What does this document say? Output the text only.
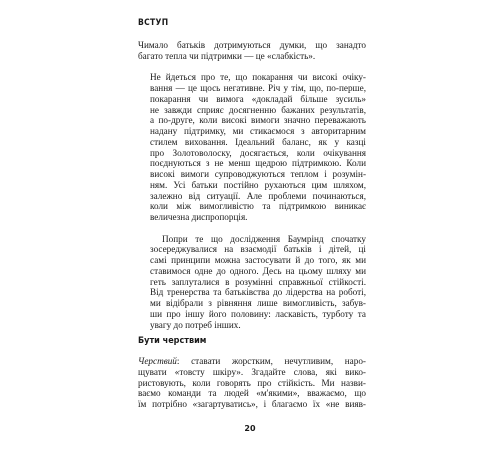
ВСТУП

Чимало батьків дотримуються думки, що занадто
багато тепла чи підтримки — це «слабкість».

Не йдеться про те, що покарання чи високі очіку-
вання — це щось негативне. Річ у тім, що, по-перше,
покарання чи вимога «докладай більше зусиль»
не завжди сприяє досягненню бажаних результатів,
а по-друге, коли високі вимоги значно переважають
надану підтримку, ми стикаємося з авторитарним
стилем виховання. Ідеальний баланс, як у казці
про Золотоволоску, досягається, коли очікування
поєднуються з не менш щедрою підтримкою. Коли
високі вимоги супроводжуються теплом і розумін-
ням. Усі батьки постійно рухаються цим шляхом,
залежно від ситуації. Але проблеми починаються,
коли між вимогливістю та підтримкою виникає
величезна диспропорція.

Попри те що дослідження Баумрінд спочатку
зосереджувалися на взаємодії батьків і дітей, ці
самі принципи можна застосувати й до того, як ми
ставимося одне до одного. Десь на цьому шляху ми
геть заплуталися в розумінні справжньої стійкості.
Від тренерства та батьківства до лідерства на роботі,
ми відібрали з рівняння лише вимогливість, забув-
ши про іншу його половину: ласкавість, турботу та
увагу до потреб інших.

Бути черствим
Черствий: ставати жорстким, нечутливим, наро-
щувати «товсту шкіру». Згадайте слова, які вико-
ристовують, коли говорять про стійкість. Ми назви-
ваємо команди та людей «м'якими», вважаємо, що
їм потрібно «загартуватись», і благаємо їх «не вияв-
20
